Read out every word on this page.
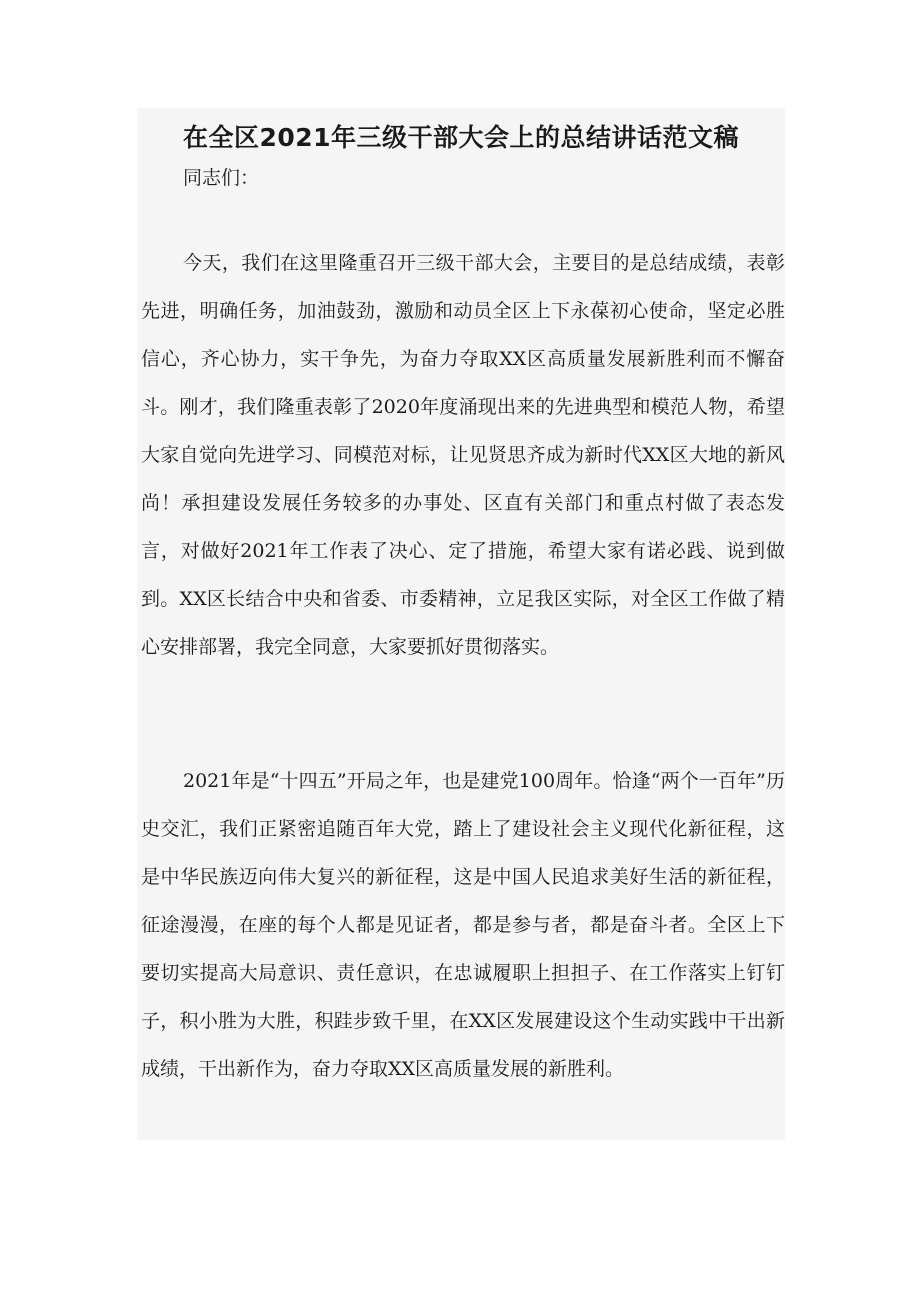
在全区2021年三级干部大会上的总结讲话范文稿

同志们：

今天，我们在这里隆重召开三级干部大会，主要目的是总结成绩，表彰先进，明确任务，加油鼓劲，激励和动员全区上下永葆初心使命，坚定必胜信心，齐心协力，实干争先，为奋力夺取XX区高质量发展新胜利而不懈奋斗。刚才，我们隆重表彰了2020年度涌现出来的先进典型和模范人物，希望大家自觉向先进学习、同模范对标，让见贤思齐成为新时代XX区大地的新风尚！承担建设发展任务较多的办事处、区直有关部门和重点村做了表态发言，对做好2021年工作表了决心、定了措施，希望大家有诺必践、说到做到。XX区长结合中央和省委、市委精神，立足我区实际，对全区工作做了精心安排部署，我完全同意，大家要抓好贯彻落实。

2021年是“十四五”开局之年，也是建党100周年。恰逢“两个一百年”历史交汇，我们正紧密追随百年大党，踏上了建设社会主义现代化新征程，这是中华民族迈向伟大复兴的新征程，这是中国人民追求美好生活的新征程，征途漫漫，在座的每个人都是见证者，都是参与者，都是奋斗者。全区上下要切实提高大局意识、责任意识，在忠诚履职上担担子、在工作落实上钉钉子，积小胜为大胜，积跬步致千里，在XX区发展建设这个生动实践中干出新成绩，干出新作为，奋力夺取XX区高质量发展的新胜利。
